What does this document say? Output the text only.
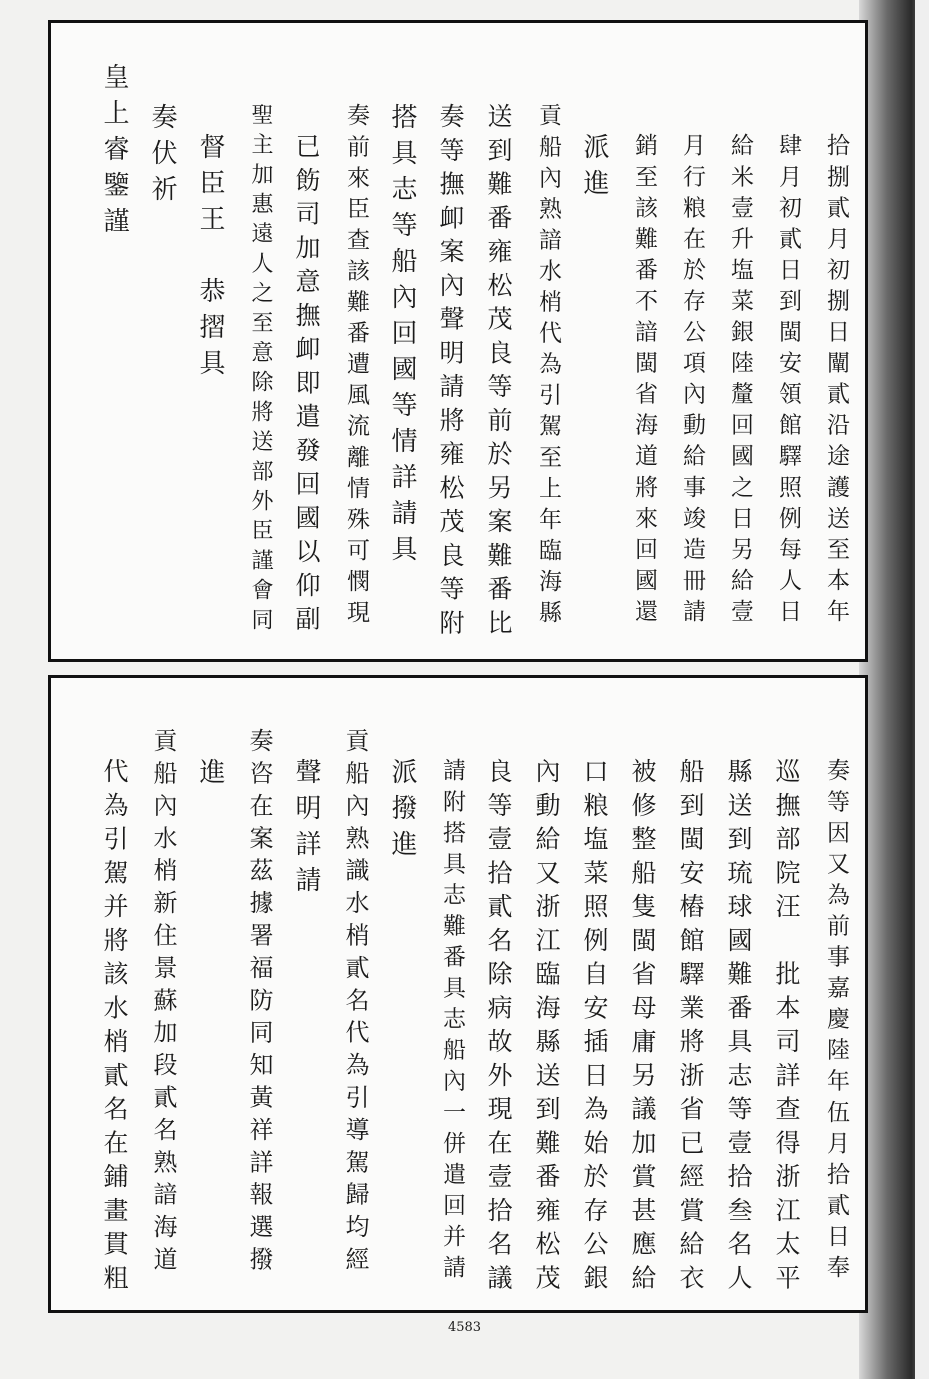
拾捌貳月初捌日闡貳沿途護送至本年
肆月初貳日到閩安領館驛照例每人日
給米壹升塩菜銀陸釐回國之日另給壹
月行粮在於存公項內動給事竣造冊請
銷至該難番不諳閩省海道將來回國還
派進
貢船內熟諳水梢代為引駕至上年臨海縣
送到難番雍松茂良等前於另案難番比
奏等撫卹案內聲明請將雍松茂良等附
搭具志等船內回國等情詳請具
奏前來臣查該難番遭風流離情殊可憫現
已飭司加意撫卹即遣發回國以仰副
聖主加惠遠人之至意除將送部外臣謹會同
督臣王　恭摺具
奏伏祈
皇上睿鑒謹
奏等因又為前事嘉慶陸年伍月拾貳日奉
巡撫部院汪　批本司詳查得浙江太平
縣送到琉球國難番具志等壹拾叁名人
船到閩安樁館驛業將浙省已經賞給衣
被修整船隻閩省母庸另議加賞甚應給
口粮塩菜照例自安插日為始於存公銀
內動給又浙江臨海縣送到難番雍松茂
良等壹拾貳名除病故外現在壹拾名議
請附搭具志難番具志船內一併遣回并請
派撥進
貢船內熟識水梢貳名代為引導駕歸均經
聲明詳請
奏咨在案茲據署福防同知黃祥詳報選撥
進
貢船內水梢新住景蘇加段貳名熟諳海道
代為引駕并將該水梢貳名在鋪畫貫粗
4583
